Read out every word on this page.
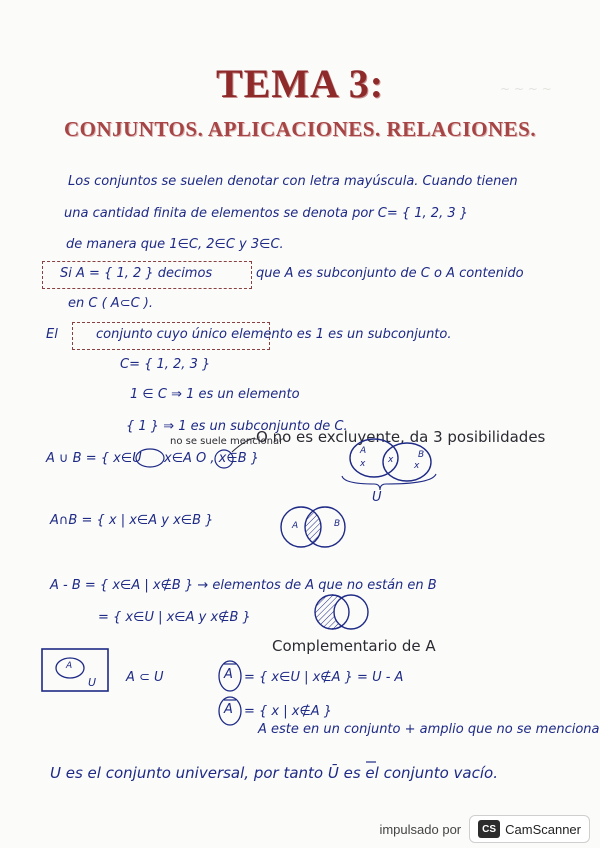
~ ~ ~ ~
TEMA 3:
CONJUNTOS. APLICACIONES. RELACIONES.
Los conjuntos se suelen denotar con letra mayúscula. Cuando tienen
una cantidad finita de elementos se denota por C= { 1, 2, 3 }
de manera que 1∈C, 2∈C y 3∈C.
Si A = { 1, 2 } decimos	que A es subconjunto de C o A contenido
en C ( A⊂C ).
El	conjunto cuyo único elemento es 1 es un subconjunto.
C= { 1, 2, 3 }
1 ∈ C ⇒ 1 es un elemento
{ 1 } ⇒ 1 es un subconjunto de C.
no se suele mencionar
O no es excluyente, da 3 posibilidades
A ∪ B = { x∈U x∈A O , x∈B }
U
A∩B = { x | x∈A y x∈B }
A - B = { x∈A | x∉B } → elementos de A que no están en B
= { x∈U | x∈A y x∉B }
Complementario de A
A ⊂ U	A = { x∈U | x∉A } = U - A
A = { x | x∉A }
A este en un conjunto + amplio que no se menciona
A
U
A	B
x	x
x
A	B
U es el conjunto universal, por tanto Ū es el conjunto vacío.
impulsado por	CS CamScanner
